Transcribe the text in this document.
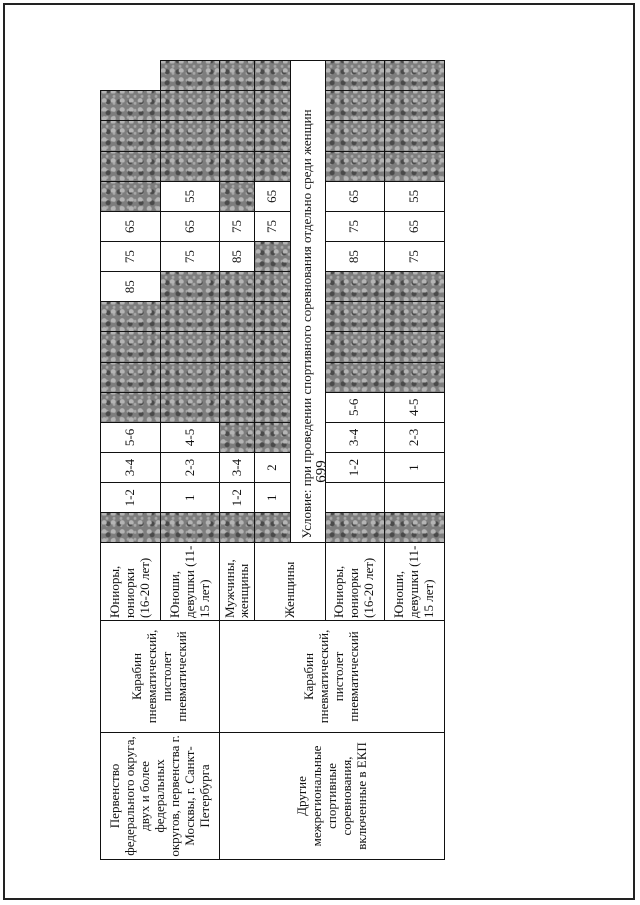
699
Первенство федерального округа, двух и более федеральных округов, первенства г. Москвы, г. Санкт-Петербурга	Карабин пневматический, пистолет пневматический	Юниоры, юниорки (16-20 лет)		1-2	3-4	5-6					85	75	65					
		Юноши, девушки (11-15 лет)		1	2-3	4-5						75	65	55				
Другие межрегиональные спортивные соревнования, включенные в ЕКП	Карабин пневматический, пистолет пневматический	Мужчины, женщины		1-2	3-4							85	75					
		Женщины		1	2								75	65				
			Условие: при проведении спортивного соревнования отдельно среди женщин															
		Юниоры, юниорки (16-20 лет)			1-2	3-4	5-6					85	75	65				
		Юноши, девушки (11-15 лет)			1	2-3	4-5					75	65	55				
